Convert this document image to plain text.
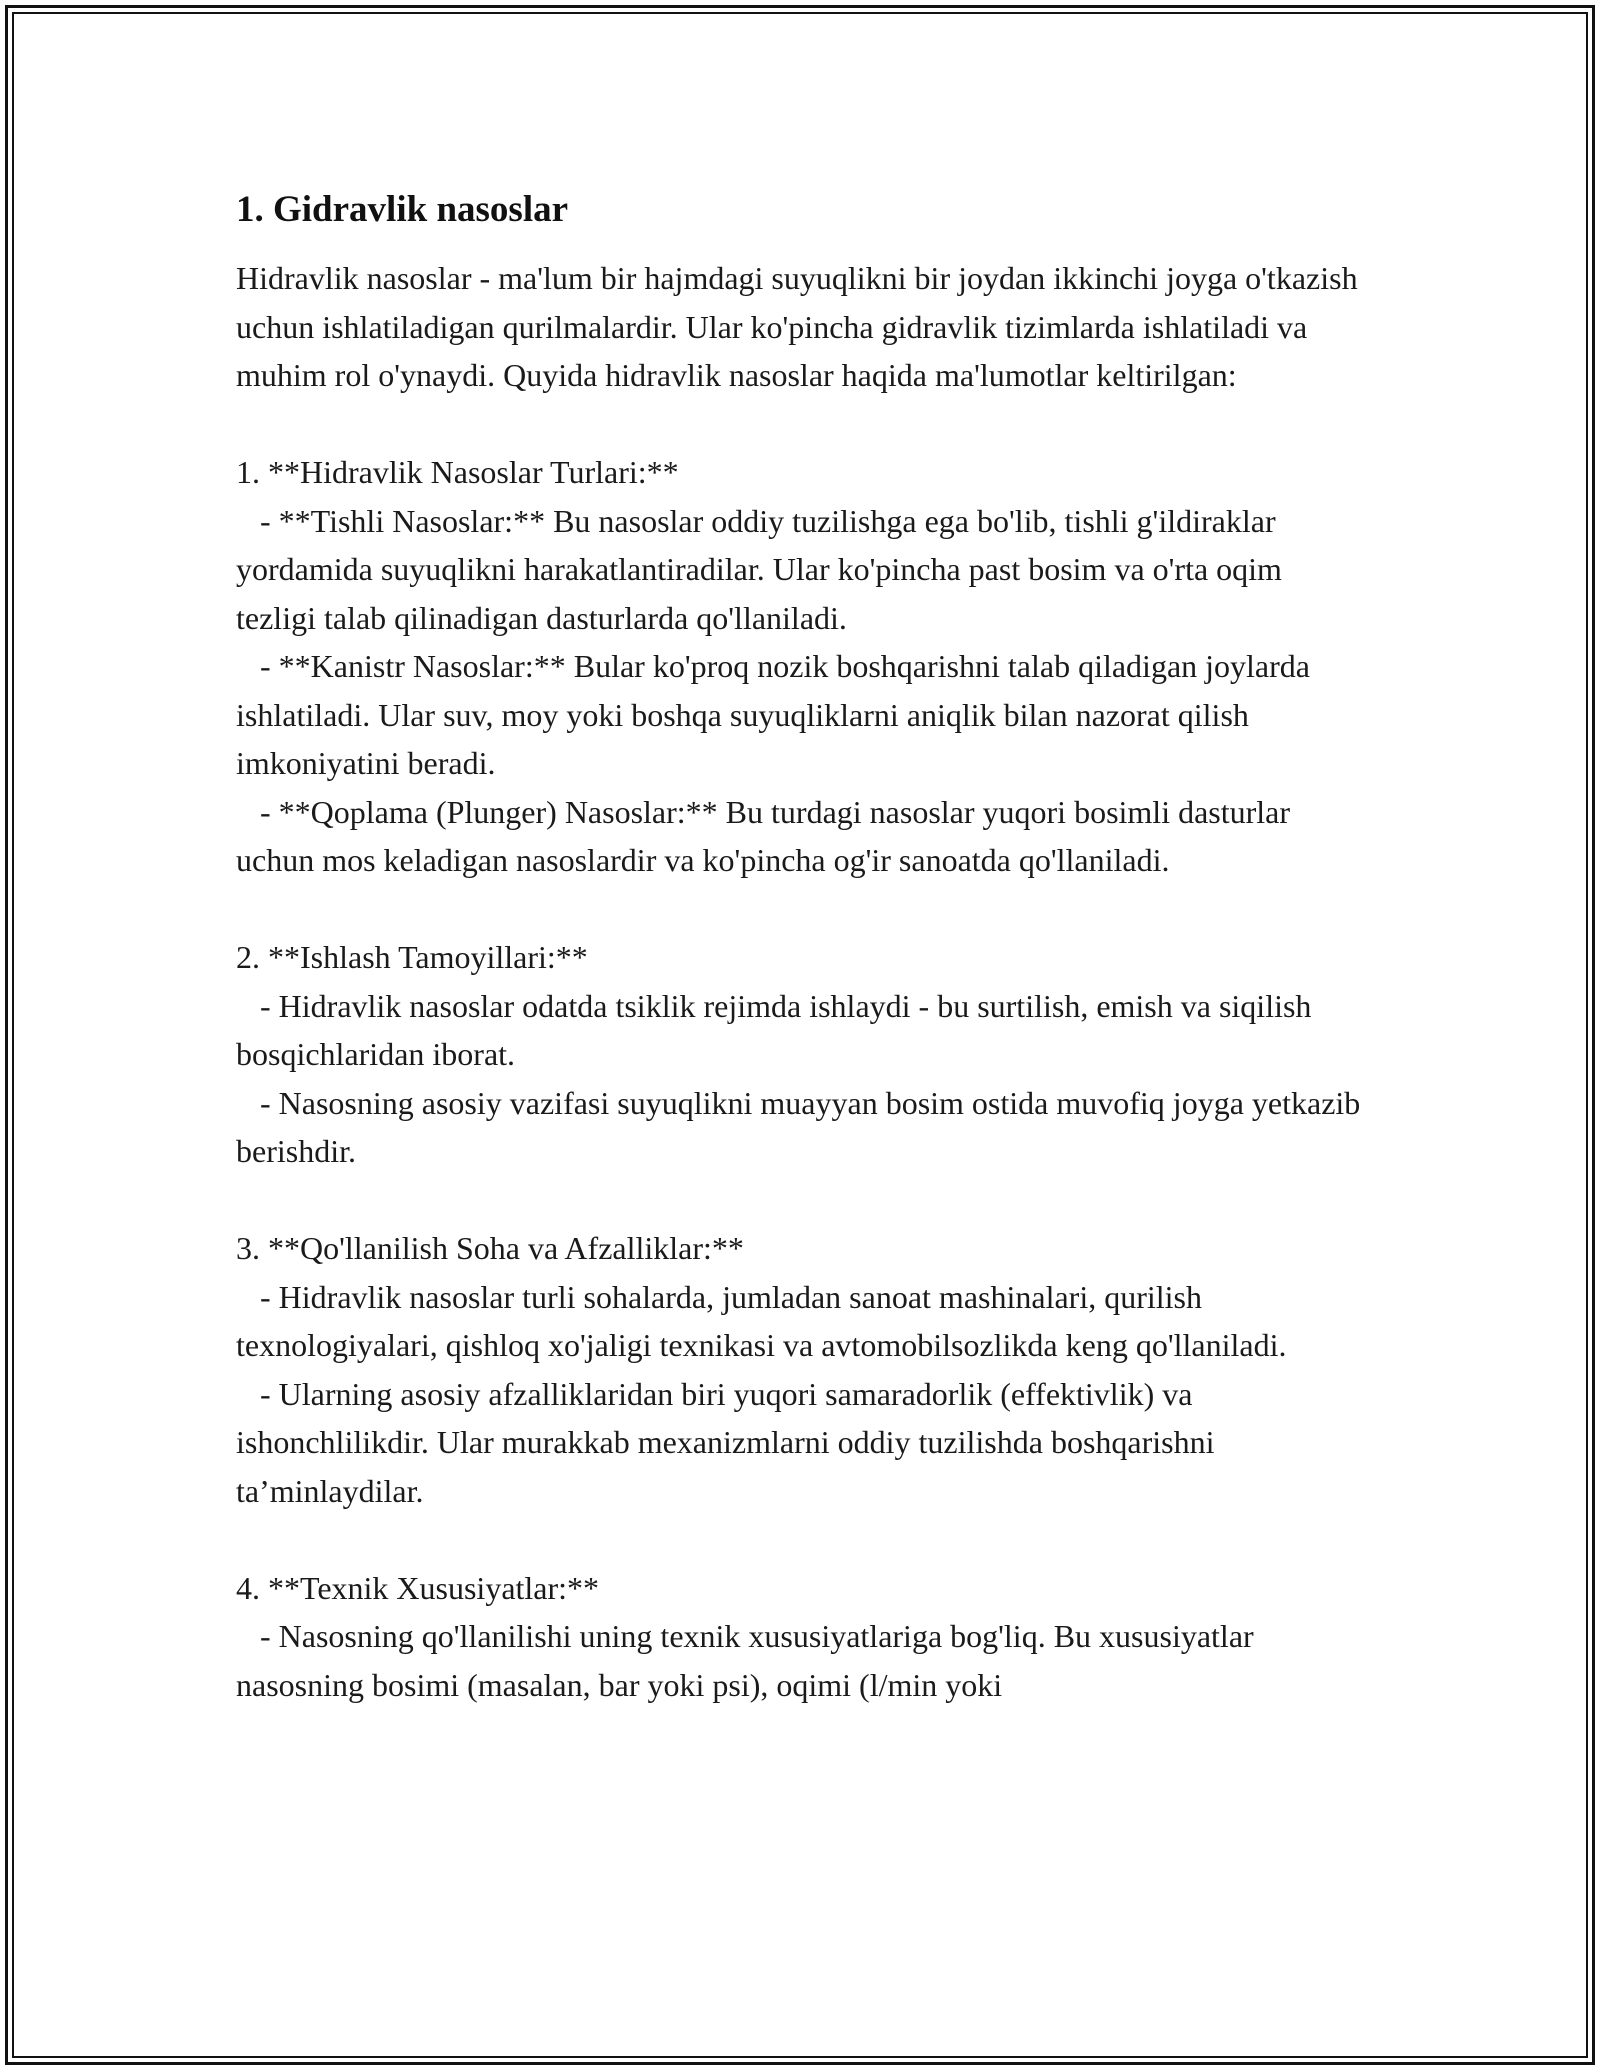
1. Gidravlik nasoslar

Hidravlik nasoslar - ma'lum bir hajmdagi suyuqlikni bir joydan ikkinchi joyga o'tkazish uchun ishlatiladigan qurilmalardir. Ular ko'pincha gidravlik tizimlarda ishlatiladi va muhim rol o'ynaydi. Quyida hidravlik nasoslar haqida ma'lumotlar keltirilgan:

1. **Hidravlik Nasoslar Turlari:**
- **Tishli Nasoslar:** Bu nasoslar oddiy tuzilishga ega bo'lib, tishli g'ildiraklar yordamida suyuqlikni harakatlantiradilar. Ular ko'pincha past bosim va o'rta oqim tezligi talab qilinadigan dasturlarda qo'llaniladi.
- **Kanistr Nasoslar:** Bular ko'proq nozik boshqarishni talab qiladigan joylarda ishlatiladi. Ular suv, moy yoki boshqa suyuqliklarni aniqlik bilan nazorat qilish imkoniyatini beradi.
- **Qoplama (Plunger) Nasoslar:** Bu turdagi nasoslar yuqori bosimli dasturlar uchun mos keladigan nasoslardir va ko'pincha og'ir sanoatda qo'llaniladi.

2. **Ishlash Tamoyillari:**
- Hidravlik nasoslar odatda tsiklik rejimda ishlaydi - bu surtilish, emish va siqilish bosqichlaridan iborat.
- Nasosning asosiy vazifasi suyuqlikni muayyan bosim ostida muvofiq joyga yetkazib berishdir.

3. **Qo'llanilish Soha va Afzalliklar:**
- Hidravlik nasoslar turli sohalarda, jumladan sanoat mashinalari, qurilish texnologiyalari, qishloq xo'jaligi texnikasi va avtomobilsozlikda keng qo'llaniladi.
- Ularning asosiy afzalliklaridan biri yuqori samaradorlik (effektivlik) va ishonchlilikdir. Ular murakkab mexanizmlarni oddiy tuzilishda boshqarishni ta’minlaydilar.

4. **Texnik Xususiyatlar:**
- Nasosning qo'llanilishi uning texnik xususiyatlariga bog'liq. Bu xususiyatlar nasosning bosimi (masalan, bar yoki psi), oqimi (l/min yoki
